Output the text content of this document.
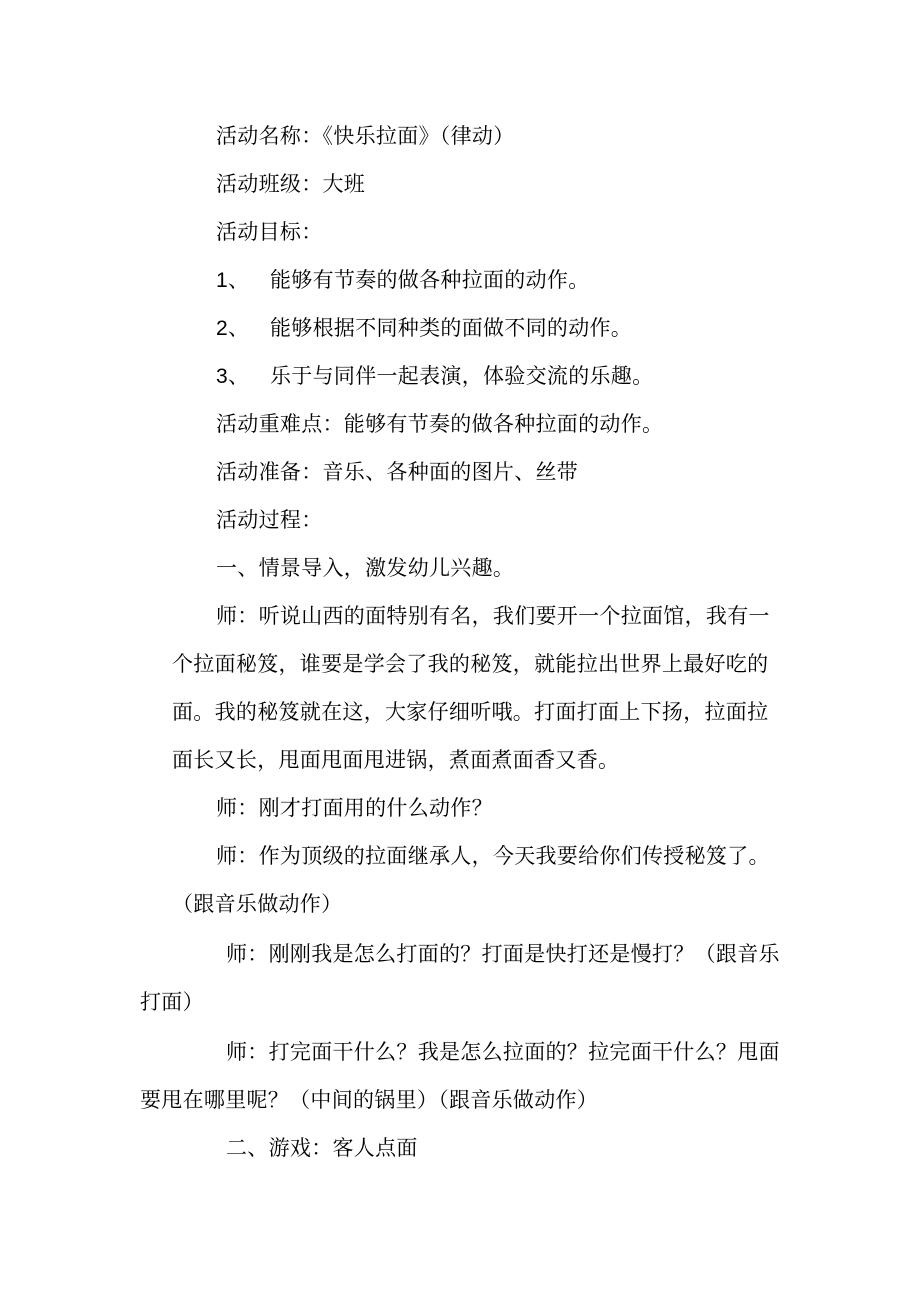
活动名称：《快乐拉面》（律动）
活动班级：大班
活动目标：
1、 能够有节奏的做各种拉面的动作。
2、 能够根据不同种类的面做不同的动作。
3、 乐于与同伴一起表演，体验交流的乐趣。
活动重难点：能够有节奏的做各种拉面的动作。
活动准备：音乐、各种面的图片、丝带
活动过程：
一、情景导入，激发幼儿兴趣。
师：听说山西的面特别有名，我们要开一个拉面馆，我有一
个拉面秘笈，谁要是学会了我的秘笈，就能拉出世界上最好吃的
面。我的秘笈就在这，大家仔细听哦。打面打面上下扬，拉面拉
面长又长，甩面甩面甩进锅，煮面煮面香又香。
师：刚才打面用的什么动作？
师：作为顶级的拉面继承人，今天我要给你们传授秘笈了。
（跟音乐做动作）
师：刚刚我是怎么打面的？打面是快打还是慢打？（跟音乐
打面）
师：打完面干什么？我是怎么拉面的？拉完面干什么？甩面
要甩在哪里呢？（中间的锅里）（跟音乐做动作）
二、游戏：客人点面
